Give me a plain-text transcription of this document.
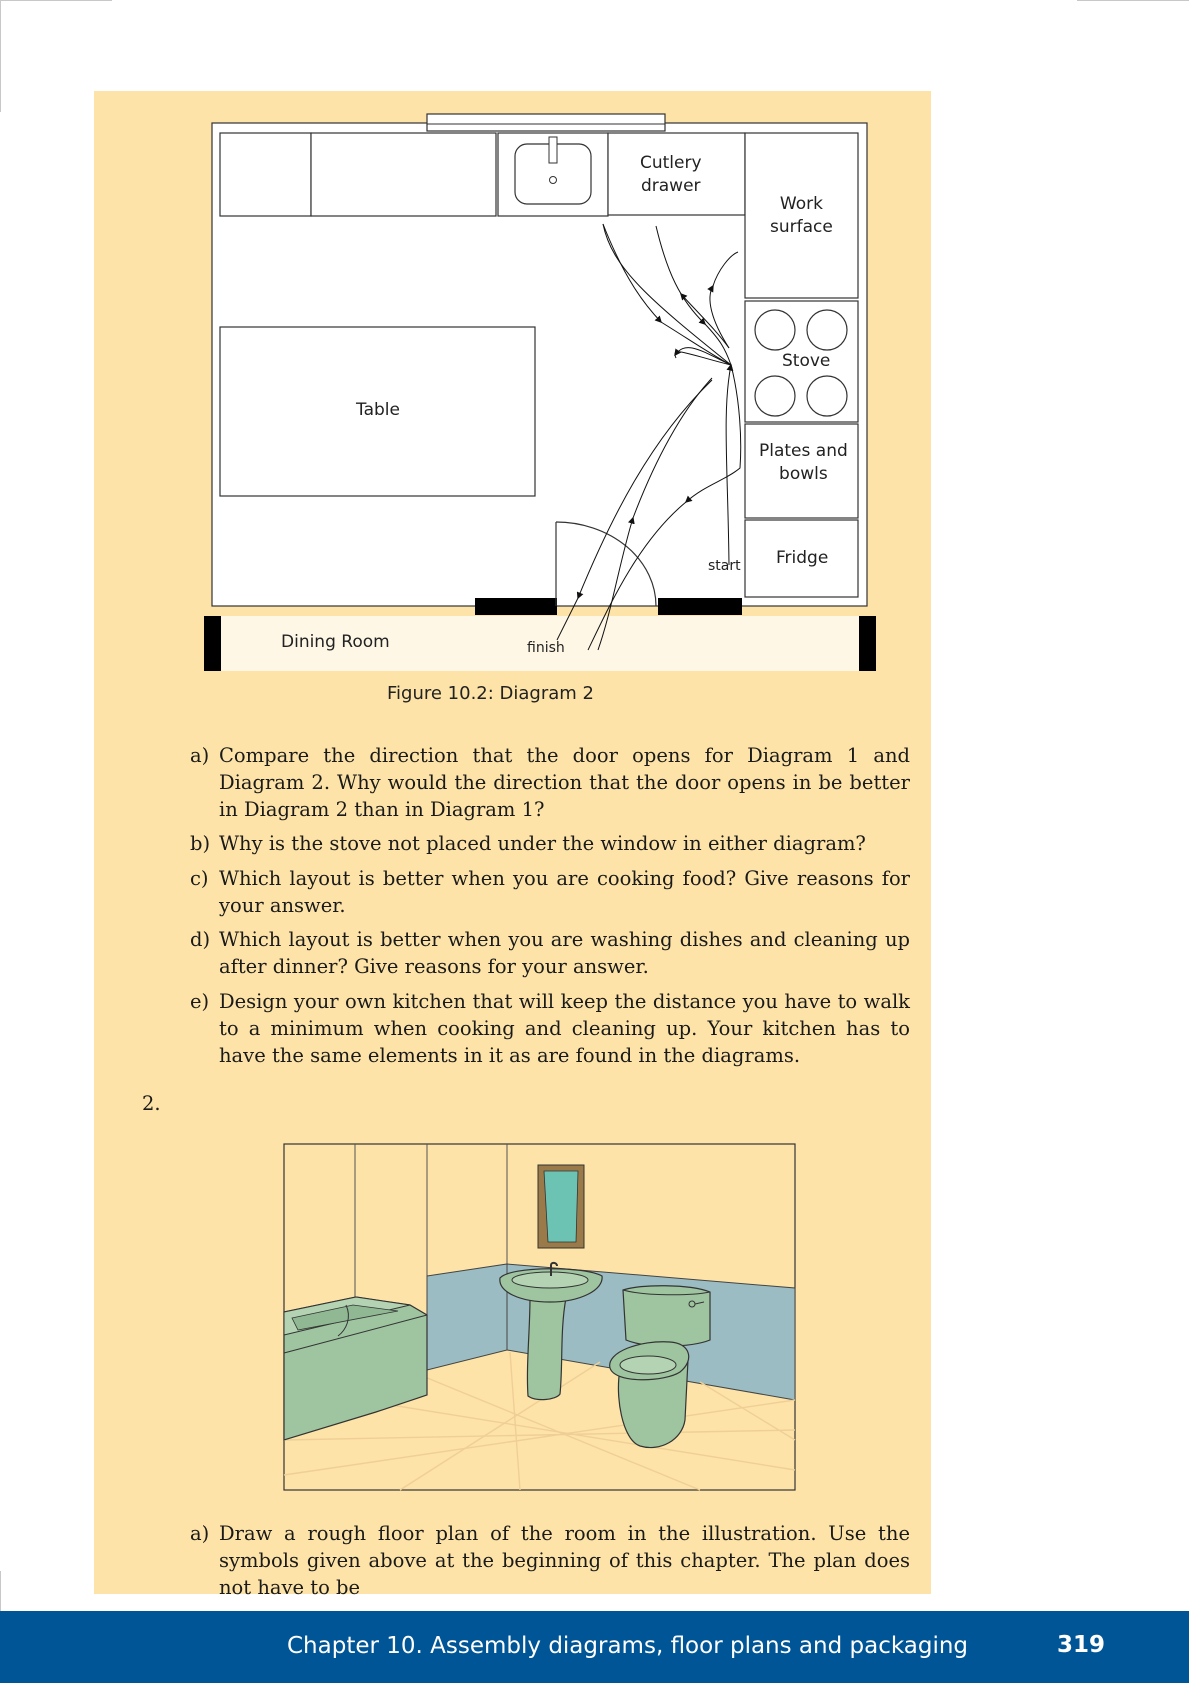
Cutlery
drawer
Work
surface
Stove
Plates and
bowls
Fridge
Table
start
finish
Dining Room
Figure 10.2: Diagram 2
a) Compare the direction that the door opens for Diagram 1 and Diagram 2. Why would the direction that the door opens in be better in Diagram 2 than in Diagram 1?
b) Why is the stove not placed under the window in either diagram?
c) Which layout is better when you are cooking food? Give reasons for your answer.
d) Which layout is better when you are washing dishes and cleaning up after dinner? Give reasons for your answer.
e) Design your own kitchen that will keep the distance you have to walk to a minimum when cooking and cleaning up. Your kitchen has to have the same elements in it as are found in the diagrams.
2.
a) Draw a rough floor plan of the room in the illustration. Use the symbols given above at the beginning of this chapter. The plan does not have to be
Chapter 10. Assembly diagrams, floor plans and packaging	319
